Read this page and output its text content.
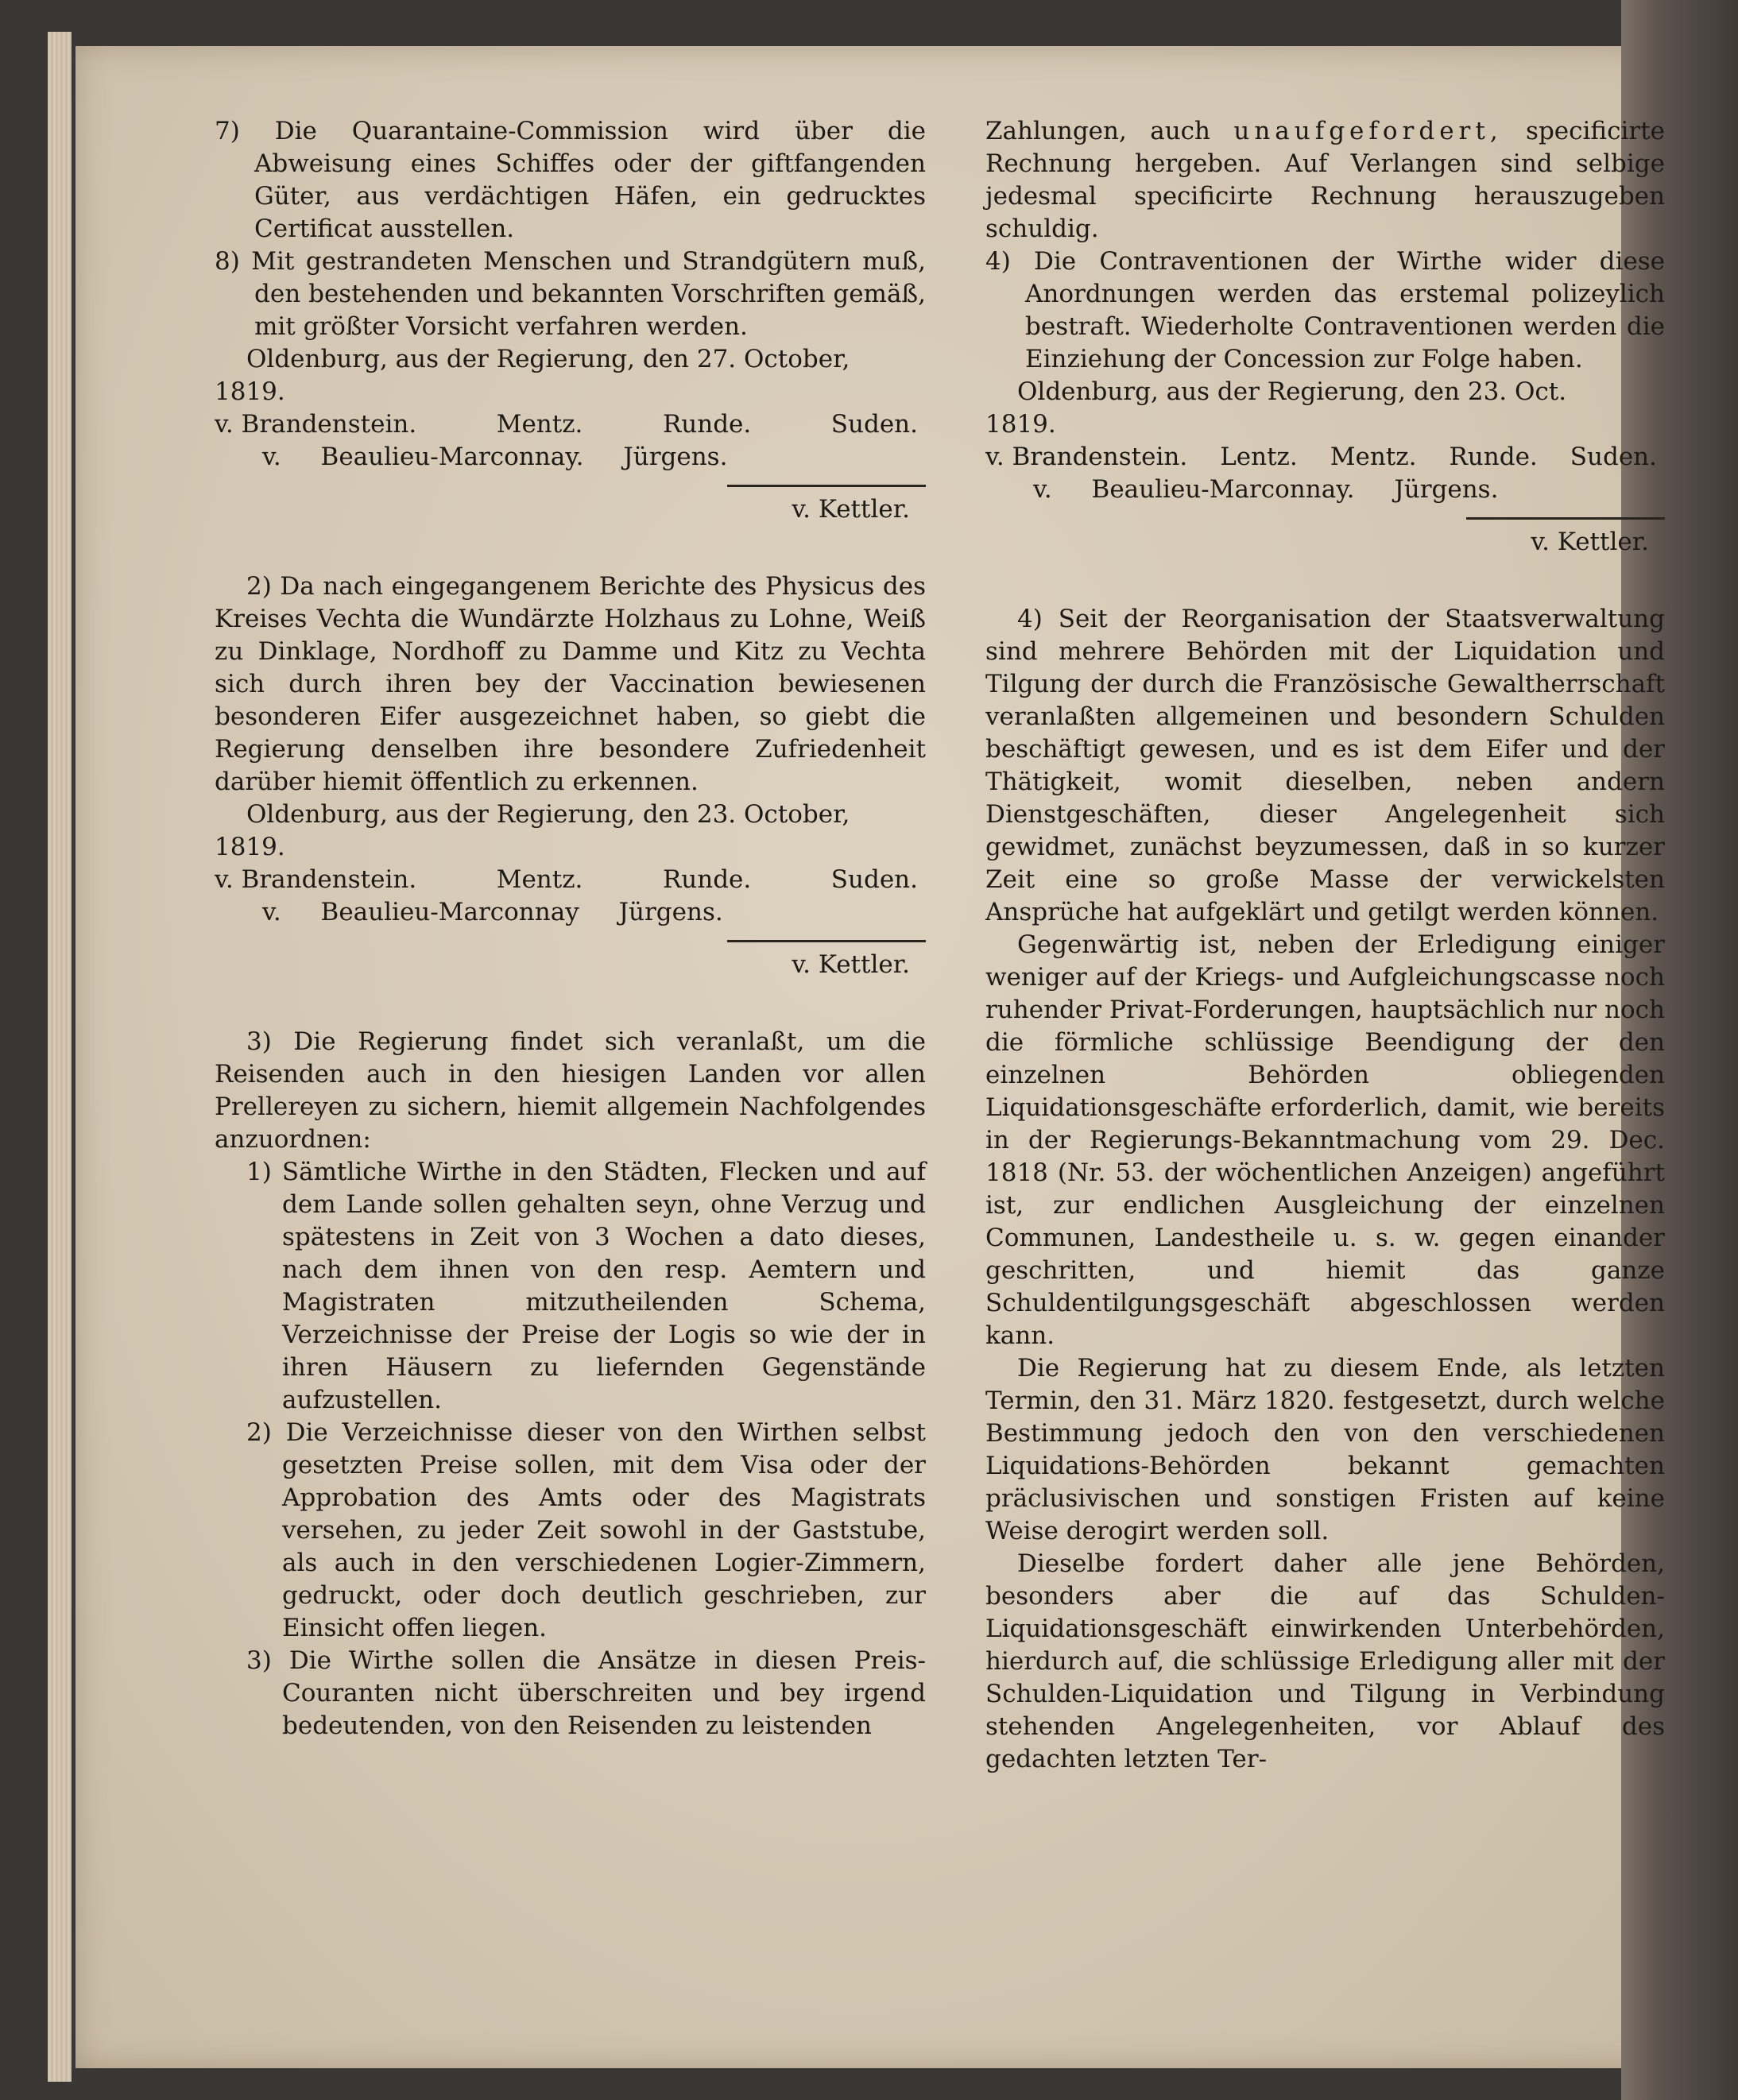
7) Die Quarantaine-Commission wird über die Abweisung eines Schiffes oder der giftfangenden Güter, aus verdächtigen Häfen, ein gedrucktes Certificat ausstellen.

8) Mit gestrandeten Menschen und Strandgütern muß, den bestehenden und bekannten Vorschriften gemäß, mit größter Vorsicht verfahren werden.

Oldenburg, aus der Regierung, den 27. October,

1819.

v. Brandenstein.	Mentz.	Runde.	Suden.

v. Beaulieu-Marconnay. Jürgens.

v. Kettler.

2) Da nach eingegangenem Berichte des Physicus des Kreises Vechta die Wundärzte Holzhaus zu Lohne, Weiß zu Dinklage, Nordhoff zu Damme und Kitz zu Vechta sich durch ihren bey der Vaccination bewiesenen besonderen Eifer ausgezeichnet haben, so giebt die Regierung denselben ihre besondere Zufriedenheit darüber hiemit öffentlich zu erkennen.

Oldenburg, aus der Regierung, den 23. October,

1819.

v. Brandenstein.	Mentz.	Runde.	Suden.

v. Beaulieu-Marconnay Jürgens.

v. Kettler.

3) Die Regierung findet sich veranlaßt, um die Reisenden auch in den hiesigen Landen vor allen Prellereyen zu sichern, hiemit allgemein Nachfolgendes anzuordnen:

1) Sämtliche Wirthe in den Städten, Flecken und auf dem Lande sollen gehalten seyn, ohne Verzug und spätestens in Zeit von 3 Wochen a dato dieses, nach dem ihnen von den resp. Aemtern und Magistraten mitzutheilenden Schema, Verzeichnisse der Preise der Logis so wie der in ihren Häusern zu liefernden Gegenstände aufzustellen.

2) Die Verzeichnisse dieser von den Wirthen selbst gesetzten Preise sollen, mit dem Visa oder der Approbation des Amts oder des Magistrats versehen, zu jeder Zeit sowohl in der Gaststube, als auch in den verschiedenen Logier-Zimmern, gedruckt, oder doch deutlich geschrieben, zur Einsicht offen liegen.

3) Die Wirthe sollen die Ansätze in diesen Preis-Couranten nicht überschreiten und bey irgend bedeutenden, von den Reisenden zu leistenden

Zahlungen, auch unaufgefordert, specificirte Rechnung hergeben. Auf Verlangen sind selbige jedesmal specificirte Rechnung herauszugeben schuldig.

4) Die Contraventionen der Wirthe wider diese Anordnungen werden das erstemal polizeylich bestraft. Wiederholte Contraventionen werden die Einziehung der Concession zur Folge haben.

Oldenburg, aus der Regierung, den 23. Oct.

1819.

v. Brandenstein. Lentz. Mentz. Runde. Suden.

v. Beaulieu-Marconnay. Jürgens.

v. Kettler.

4) Seit der Reorganisation der Staatsverwaltung sind mehrere Behörden mit der Liquidation und Tilgung der durch die Französische Gewaltherrschaft veranlaßten allgemeinen und besondern Schulden beschäftigt gewesen, und es ist dem Eifer und der Thätigkeit, womit dieselben, neben andern Dienstgeschäften, dieser Angelegenheit sich gewidmet, zunächst beyzumessen, daß in so kurzer Zeit eine so große Masse der verwickelsten Ansprüche hat aufgeklärt und getilgt werden können.

Gegenwärtig ist, neben der Erledigung einiger weniger auf der Kriegs- und Aufgleichungscasse noch ruhender Privat-Forderungen, hauptsächlich nur noch die förmliche schlüssige Beendigung der den einzelnen Behörden obliegenden Liquidationsgeschäfte erforderlich, damit, wie bereits in der Regierungs-Bekanntmachung vom 29. Dec. 1818 (Nr. 53. der wöchentlichen Anzeigen) angeführt ist, zur endlichen Ausgleichung der einzelnen Communen, Landestheile u. s. w. gegen einander geschritten, und hiemit das ganze Schuldentilgungsgeschäft abgeschlossen werden kann.

Die Regierung hat zu diesem Ende, als letzten Termin, den 31. März 1820. festgesetzt, durch welche Bestimmung jedoch den von den verschiedenen Liquidations-Behörden bekannt gemachten präclusivischen und sonstigen Fristen auf keine Weise derogirt werden soll.

Dieselbe fordert daher alle jene Behörden, besonders aber die auf das Schulden-Liquidationsgeschäft einwirkenden Unterbehörden, hierdurch auf, die schlüssige Erledigung aller mit der Schulden-Liquidation und Tilgung in Verbindung stehenden Angelegenheiten, vor Ablauf des gedachten letzten Ter-
